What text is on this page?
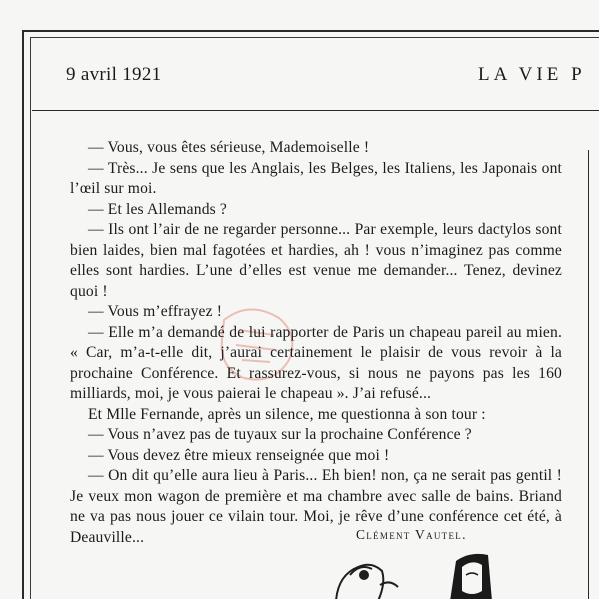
9 avril 1921	LA VIE P

— Vous, vous êtes sérieuse, Mademoiselle !

— Très... Je sens que les Anglais, les Belges, les Italiens, les Japonais ont l’œil sur moi.

— Et les Allemands ?

— Ils ont l’air de ne regarder personne... Par exemple, leurs dactylos sont bien laides, bien mal fagotées et hardies, ah ! vous n’imaginez pas comme elles sont hardies. L’une d’elles est venue me demander... Tenez, devinez quoi !

— Vous m’effrayez !

— Elle m’a demandé de lui rapporter de Paris un chapeau pareil au mien. « Car, m’a-t-elle dit, j’aurai certainement le plaisir de vous revoir à la prochaine Conférence. Et rassurez-vous, si nous ne payons pas les 160 milliards, moi, je vous paierai le chapeau ». J’ai refusé...

Et Mlle Fernande, après un silence, me questionna à son tour :

— Vous n’avez pas de tuyaux sur la prochaine Conférence ?

— Vous devez être mieux renseignée que moi !

— On dit qu’elle aura lieu à Paris... Eh bien! non, ça ne serait pas gentil ! Je veux mon wagon de première et ma chambre avec salle de bains. Briand ne va pas nous jouer ce vilain tour. Moi, je rêve d’une conférence cet été, à Deauville...	Clément Vautel.
